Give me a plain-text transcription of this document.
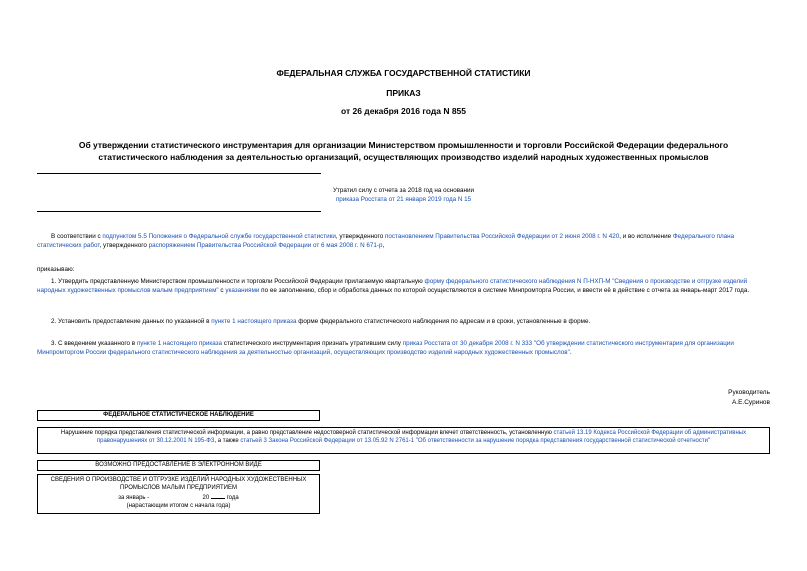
ФЕДЕРАЛЬНАЯ СЛУЖБА ГОСУДАРСТВЕННОЙ СТАТИСТИКИ
ПРИКАЗ
от 26 декабря 2016 года N 855
Об утверждении статистического инструментария для организации Министерством промышленности и торговли Российской Федерации федерального статистического наблюдения за деятельностью организаций, осуществляющих производство изделий народных художественных промыслов
Утратил силу с отчета за 2018 год на основании
приказа Росстата от 21 января 2019 года N 15
В соответствии с подпунктом 5.5 Положения о Федеральной службе государственной статистики, утвержденного постановлением Правительства Российской Федерации от 2 июня 2008 г. N 420, и во исполнение Федерального плана статистических работ, утвержденного распоряжением Правительства Российской Федерации от 6 мая 2008 г. N 671-р,
приказываю:
1. Утвердить представленную Министерством промышленности и торговли Российской Федерации прилагаемую квартальную форму федерального статистического наблюдения N П-НХП-М "Сведения о производстве и отгрузке изделий народных художественных промыслов малым предприятием" с указаниями по ее заполнению, сбор и обработка данных по которой осуществляются в системе Минпромторга России, и ввести её в действие с отчета за январь-март 2017 года.
2. Установить предоставление данных по указанной в пункте 1 настоящего приказа форме федерального статистического наблюдения по адресам и в сроки, установленные в форме.
3. С введением указанного в пункте 1 настоящего приказа статистического инструментария признать утратившим силу приказ Росстата от 30 декабря 2008 г. N 333 "Об утверждении статистического инструментария для организации Минпромторгом России федерального статистического наблюдения за деятельностью организаций, осуществляющих производство изделий народных художественных промыслов".
Руководитель
А.Е.Суринов
ФЕДЕРАЛЬНОЕ СТАТИСТИЧЕСКОЕ НАБЛЮДЕНИЕ
Нарушение порядка представления статистической информации, а равно представление недостоверной статистической информации влечет ответственность, установленную статьей 13.19 Кодекса Российской Федерации об административных правонарушениях от 30.12.2001 N 195-ФЗ, а также статьей 3 Закона Российской Федерации от 13.05.92 N 2761-1 "Об ответственности за нарушение порядка представления государственной статистической отчетности"
ВОЗМОЖНО ПРЕДОСТАВЛЕНИЕ В ЭЛЕКТРОННОМ ВИДЕ
СВЕДЕНИЯ О ПРОИЗВОДСТВЕ И ОТГРУЗКЕ ИЗДЕЛИЙ НАРОДНЫХ ХУДОЖЕСТВЕННЫХ ПРОМЫСЛОВ МАЛЫМ ПРЕДПРИЯТИЕМ
за январь -	20	года
(нарастающим итогом с начала года)
